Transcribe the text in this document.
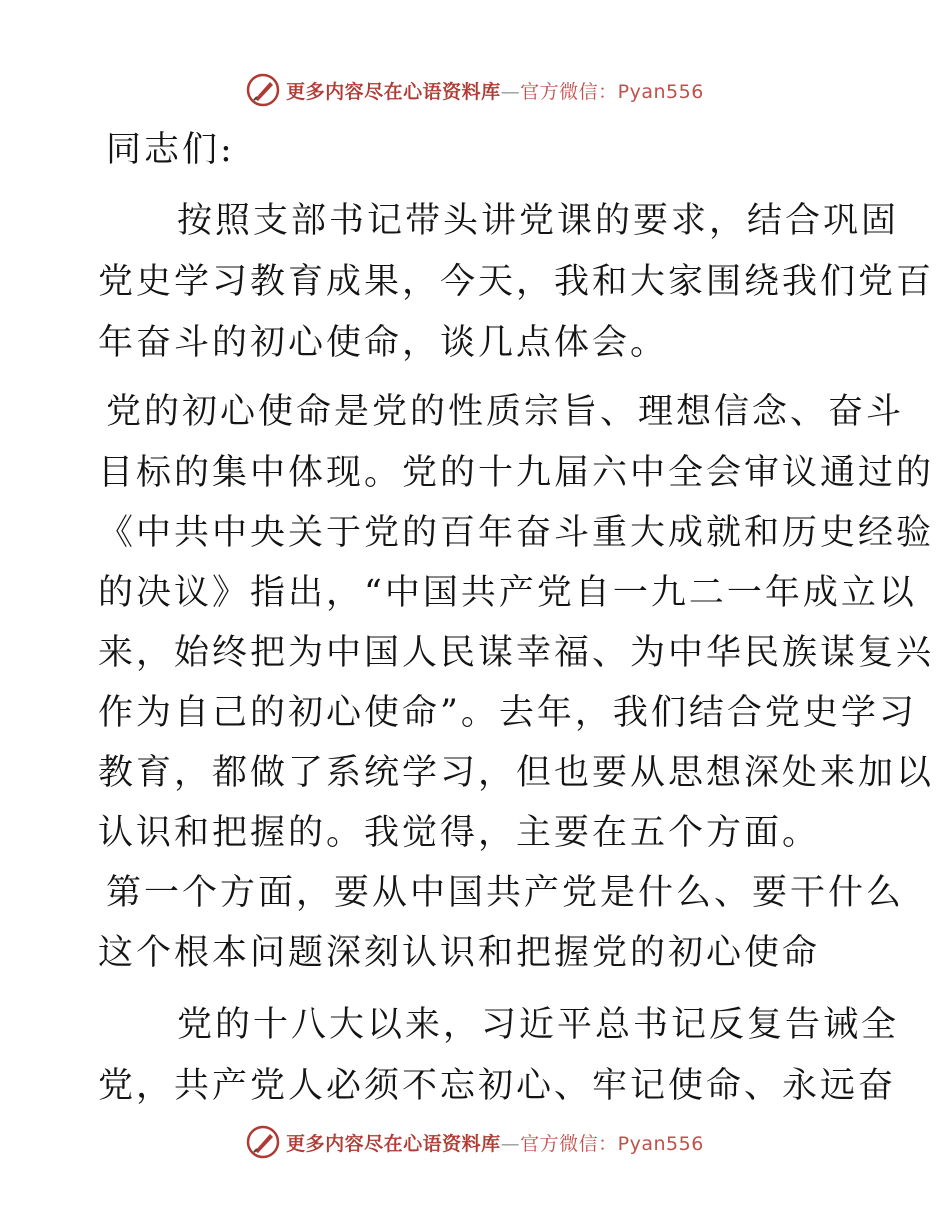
更多内容尽在心语资料库—官方微信：Pyan556
同志们:
按照支部书记带头讲党课的要求，结合巩固
党史学习教育成果，今天，我和大家围绕我们党百
年奋斗的初心使命，谈几点体会。
党的初心使命是党的性质宗旨、理想信念、奋斗
目标的集中体现。党的十九届六中全会审议通过的
《中共中央关于党的百年奋斗重大成就和历史经验
的决议》指出，“中国共产党自一九二一年成立以
来，始终把为中国人民谋幸福、为中华民族谋复兴
作为自己的初心使命”。去年，我们结合党史学习
教育，都做了系统学习，但也要从思想深处来加以
认识和把握的。我觉得，主要在五个方面。
第一个方面，要从中国共产党是什么、要干什么
这个根本问题深刻认识和把握党的初心使命
党的十八大以来，习近平总书记反复告诫全
党，共产党人必须不忘初心、牢记使命、永远奋
更多内容尽在心语资料库—官方微信：Pyan556
